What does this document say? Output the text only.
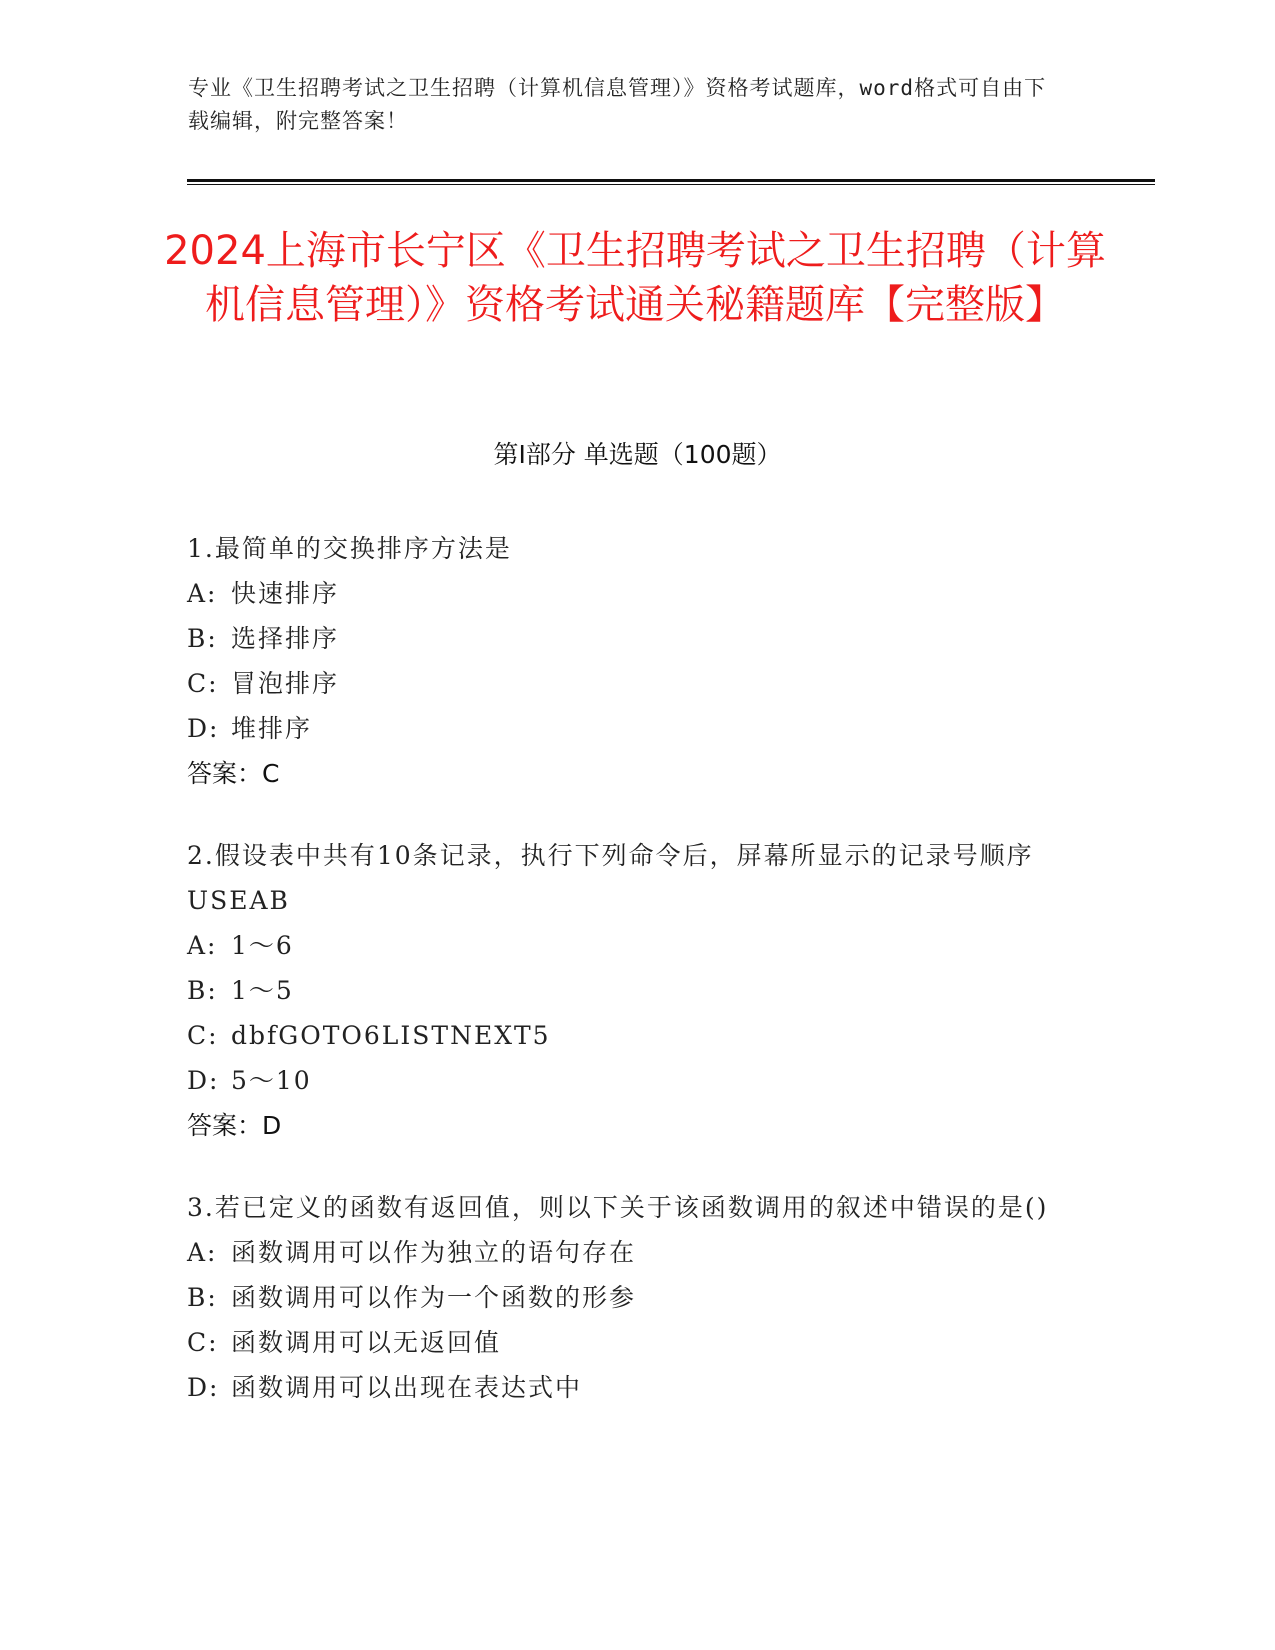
专业《卫生招聘考试之卫生招聘（计算机信息管理）》资格考试题库，word格式可自由下载编辑，附完整答案！
2024上海市长宁区《卫生招聘考试之卫生招聘（计算机信息管理）》资格考试通关秘籍题库【完整版】
第Ⅰ部分 单选题（100题）
1.最简单的交换排序方法是
A: 快速排序
B: 选择排序
C: 冒泡排序
D: 堆排序
答案：C
2.假设表中共有10条记录，执行下列命令后，屏幕所显示的记录号顺序USEAB
A: 1～6
B: 1～5
C: dbfGOTO6LISTNEXT5
D: 5～10
答案：D
3.若已定义的函数有返回值，则以下关于该函数调用的叙述中错误的是()
A: 函数调用可以作为独立的语句存在
B: 函数调用可以作为一个函数的形参
C: 函数调用可以无返回值
D: 函数调用可以出现在表达式中
